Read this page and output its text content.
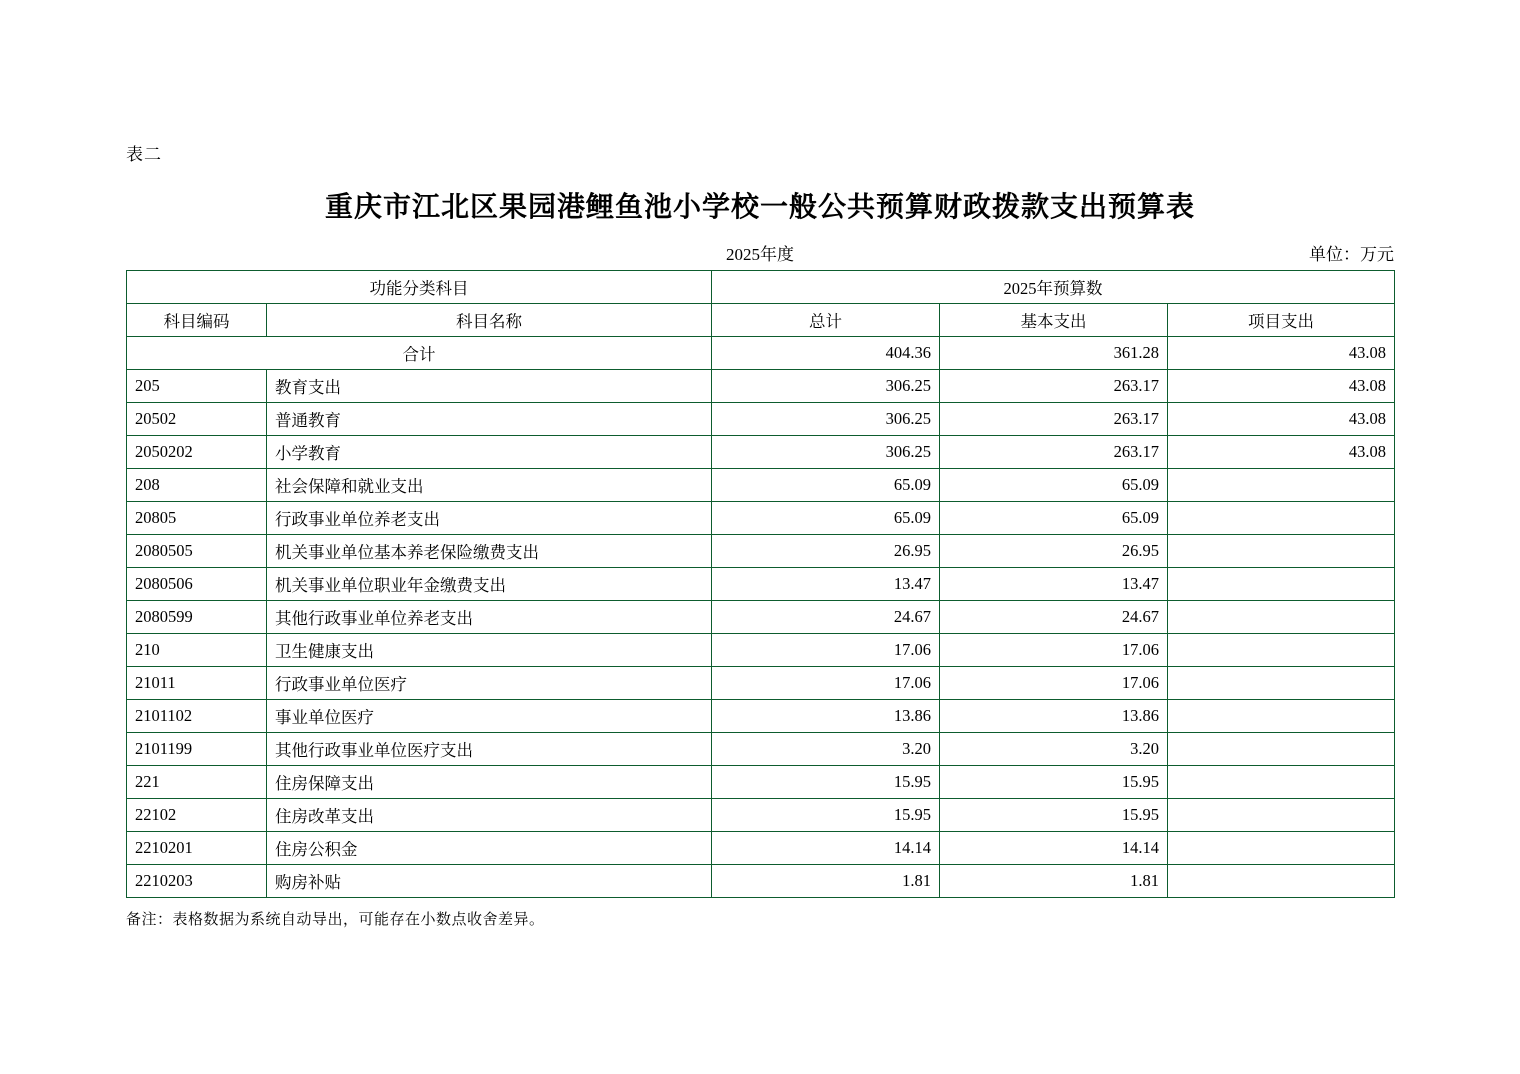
表二
重庆市江北区果园港鲤鱼池小学校一般公共预算财政拨款支出预算表
2025年度	单位：万元
功能分类科目		2025年预算数		
科目编码	科目名称	总计	基本支出	项目支出
合计		404.36	361.28	43.08
205	教育支出	306.25	263.17	43.08
20502	普通教育	306.25	263.17	43.08
2050202	小学教育	306.25	263.17	43.08
208	社会保障和就业支出	65.09	65.09	
20805	行政事业单位养老支出	65.09	65.09	
2080505	机关事业单位基本养老保险缴费支出	26.95	26.95	
2080506	机关事业单位职业年金缴费支出	13.47	13.47	
2080599	其他行政事业单位养老支出	24.67	24.67	
210	卫生健康支出	17.06	17.06	
21011	行政事业单位医疗	17.06	17.06	
2101102	事业单位医疗	13.86	13.86	
2101199	其他行政事业单位医疗支出	3.20	3.20	
221	住房保障支出	15.95	15.95	
22102	住房改革支出	15.95	15.95	
2210201	住房公积金	14.14	14.14	
2210203	购房补贴	1.81	1.81	
备注：表格数据为系统自动导出，可能存在小数点收舍差异。
